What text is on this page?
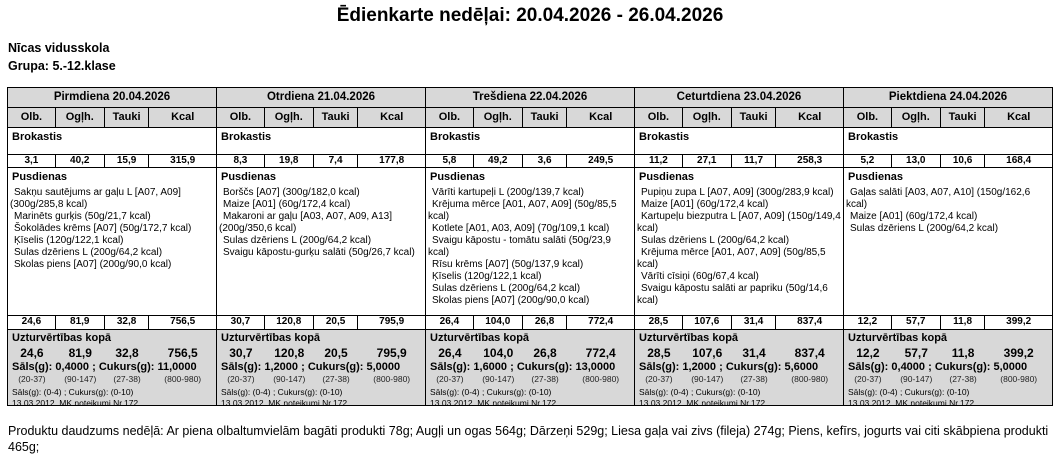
Ēdienkarte nedēļai: 20.04.2026 - 26.04.2026
Nīcas vidusskola
Grupa: 5.-12.klase
Pirmdiena 20.04.2026
Olb.	Ogļh.	Tauki	Kcal
Brokastis
3,1	40,2	15,9	315,9
Pusdienas
Sakņu sautējums ar gaļu L [A07, A09] (300g/285,8 kcal)
Marinēts gurķis (50g/21,7 kcal)
Šokolādes krēms [A07] (50g/172,7 kcal)
Ķīselis (120g/122,1 kcal)
Sulas dzēriens L (200g/64,2 kcal)
Skolas piens [A07] (200g/90,0 kcal)
24,6	81,9	32,8	756,5
Uzturvērtības kopā
24,6	81,9	32,8	756,5
Sāls(g): 0,4000 ; Cukurs(g): 11,0000
(20-37)	(90-147)	(27-38)	(800-980)
Sāls(g): (0-4) ; Cukurs(g): (0-10)
13.03.2012. MK noteikumi Nr.172
Otrdiena 21.04.2026
Olb.	Ogļh.	Tauki	Kcal
Brokastis
8,3	19,8	7,4	177,8
Pusdienas
Borščs [A07] (300g/182,0 kcal)
Maize [A01] (60g/172,4 kcal)
Makaroni ar gaļu [A03, A07, A09, A13] (200g/350,6 kcal)
Sulas dzēriens L (200g/64,2 kcal)
Svaigu kāpostu-gurķu salāti (50g/26,7 kcal)
30,7	120,8	20,5	795,9
Uzturvērtības kopā
30,7	120,8	20,5	795,9
Sāls(g): 1,2000 ; Cukurs(g): 5,0000
(20-37)	(90-147)	(27-38)	(800-980)
Sāls(g): (0-4) ; Cukurs(g): (0-10)
13.03.2012. MK noteikumi Nr.172
Trešdiena 22.04.2026
Olb.	Ogļh.	Tauki	Kcal
Brokastis
5,8	49,2	3,6	249,5
Pusdienas
Vārīti kartupeļi L (200g/139,7 kcal)
Krējuma mērce [A01, A07, A09] (50g/85,5 kcal)
Kotlete [A01, A03, A09] (70g/109,1 kcal)
Svaigu kāpostu - tomātu salāti (50g/23,9 kcal)
Rīsu krēms [A07] (50g/137,9 kcal)
Ķīselis (120g/122,1 kcal)
Sulas dzēriens L (200g/64,2 kcal)
Skolas piens [A07] (200g/90,0 kcal)
26,4	104,0	26,8	772,4
Uzturvērtības kopā
26,4	104,0	26,8	772,4
Sāls(g): 1,6000 ; Cukurs(g): 13,0000
(20-37)	(90-147)	(27-38)	(800-980)
Sāls(g): (0-4) ; Cukurs(g): (0-10)
13.03.2012. MK noteikumi Nr.172
Ceturtdiena 23.04.2026
Olb.	Ogļh.	Tauki	Kcal
Brokastis
11,2	27,1	11,7	258,3
Pusdienas
Pupiņu zupa L [A07, A09] (300g/283,9 kcal)
Maize [A01] (60g/172,4 kcal)
Kartupeļu biezputra L [A07, A09] (150g/149,4 kcal)
Sulas dzēriens L (200g/64,2 kcal)
Krējuma mērce [A01, A07, A09] (50g/85,5 kcal)
Vārīti cīsiņi (60g/67,4 kcal)
Svaigu kāpostu salāti ar papriku (50g/14,6 kcal)
28,5	107,6	31,4	837,4
Uzturvērtības kopā
28,5	107,6	31,4	837,4
Sāls(g): 1,2000 ; Cukurs(g): 5,6000
(20-37)	(90-147)	(27-38)	(800-980)
Sāls(g): (0-4) ; Cukurs(g): (0-10)
13.03.2012. MK noteikumi Nr.172
Piektdiena 24.04.2026
Olb.	Ogļh.	Tauki	Kcal
Brokastis
5,2	13,0	10,6	168,4
Pusdienas
Gaļas salāti [A03, A07, A10] (150g/162,6 kcal)
Maize [A01] (60g/172,4 kcal)
Sulas dzēriens L (200g/64,2 kcal)
12,2	57,7	11,8	399,2
Uzturvērtības kopā
12,2	57,7	11,8	399,2
Sāls(g): 0,4000 ; Cukurs(g): 5,0000
(20-37)	(90-147)	(27-38)	(800-980)
Sāls(g): (0-4) ; Cukurs(g): (0-10)
13.03.2012. MK noteikumi Nr.172
Produktu daudzums nedēļā: Ar piena olbaltumvielām bagāti produkti 78g; Augļi un ogas 564g; Dārzeņi 529g; Liesa gaļa vai zivs (fileja) 274g; Piens, kefīrs, jogurts vai citi skābpiena produkti 465g;
